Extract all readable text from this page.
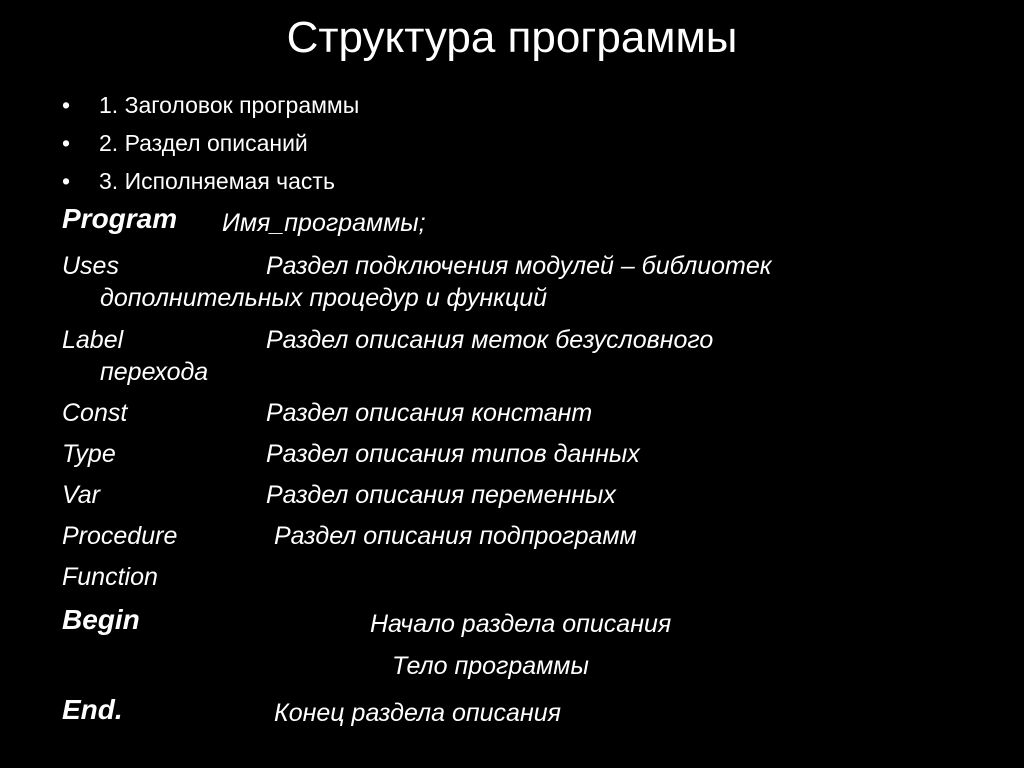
Структура программы
• 1. Заголовок программы
• 2. Раздел описаний
• 3. Исполняемая часть
Program Имя_программы;
Uses	Раздел подключения модулей – библиотек
дополнительных процедур и функций
Label	Раздел описания меток безусловного
перехода
Const	Раздел описания констант
Type	Раздел описания типов данных
Var	Раздел описания переменных
Procedure	Раздел описания подпрограмм
Function
Begin	Начало раздела описания
Тело программы
End.	Конец раздела описания
